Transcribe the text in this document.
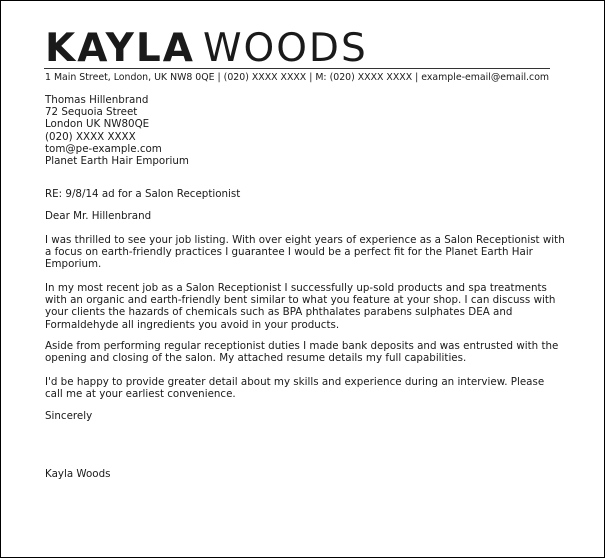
KAYLA WOODS

1 Main Street, London, UK NW8 0QE | (020) XXXX XXXX | M: (020) XXXX XXXX | example-email@email.com

Thomas Hillenbrand
72 Sequoia Street
London UK NW80QE
(020) XXXX XXXX
tom@pe-example.com
Planet Earth Hair Emporium

RE: 9/8/14 ad for a Salon Receptionist

Dear Mr. Hillenbrand

I was thrilled to see your job listing. With over eight years of experience as a Salon Receptionist with a focus on earth-friendly practices I guarantee I would be a perfect fit for the Planet Earth Hair Emporium.

In my most recent job as a Salon Receptionist I successfully up-sold products and spa treatments with an organic and earth-friendly bent similar to what you feature at your shop. I can discuss with your clients the hazards of chemicals such as BPA phthalates parabens sulphates DEA and Formaldehyde all ingredients you avoid in your products.

Aside from performing regular receptionist duties I made bank deposits and was entrusted with the opening and closing of the salon. My attached resume details my full capabilities.

I'd be happy to provide greater detail about my skills and experience during an interview. Please call me at your earliest convenience.

Sincerely

Kayla Woods
